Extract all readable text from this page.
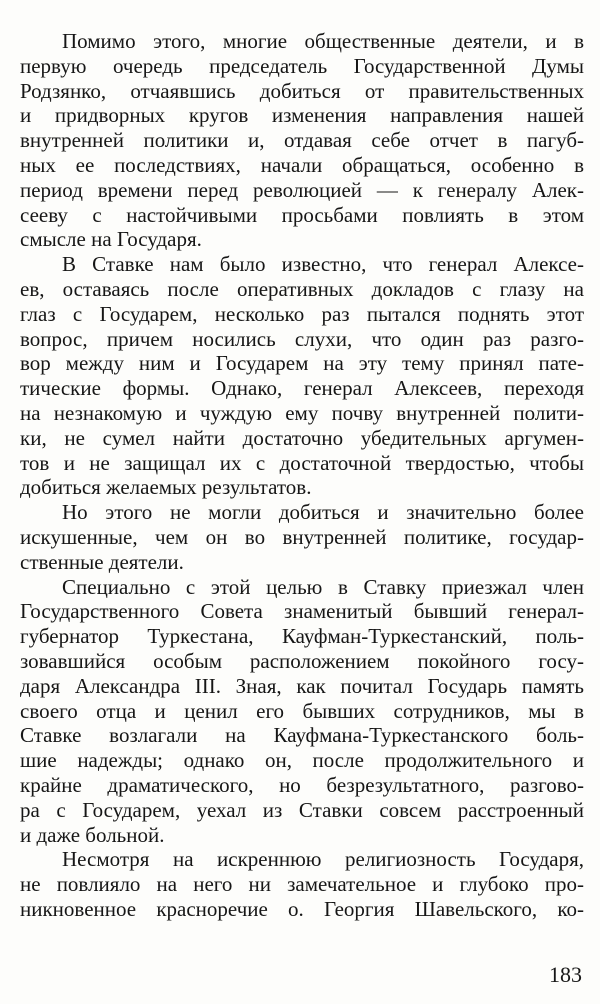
Помимо этого, многие общественные деятели, и в
первую очередь председатель Государственной Думы
Родзянко, отчаявшись добиться от правительственных
и придворных кругов изменения направления нашей
внутренней политики и, отдавая себе отчет в пагуб-
ных ее последствиях, начали обращаться, особенно в
период времени перед революцией — к генералу Алек-
сееву с настойчивыми просьбами повлиять в этом
смысле на Государя.
В Ставке нам было известно, что генерал Алексе-
ев, оставаясь после оперативных докладов с глазу на
глаз с Государем, несколько раз пытался поднять этот
вопрос, причем носились слухи, что один раз разго-
вор между ним и Государем на эту тему принял пате-
тические формы. Однако, генерал Алексеев, переходя
на незнакомую и чуждую ему почву внутренней полити-
ки, не сумел найти достаточно убедительных аргумен-
тов и не защищал их с достаточной твердостью, чтобы
добиться желаемых результатов.
Но этого не могли добиться и значительно более
искушенные, чем он во внутренней политике, государ-
ственные деятели.
Специально с этой целью в Ставку приезжал член
Государственного Совета знаменитый бывший генерал-
губернатор Туркестана, Кауфман-Туркестанский, поль-
зовавшийся особым расположением покойного госу-
даря Александра III. Зная, как почитал Государь память
своего отца и ценил его бывших сотрудников, мы в
Ставке возлагали на Кауфмана-Туркестанского боль-
шие надежды; однако он, после продолжительного и
крайне драматического, но безрезультатного, разгово-
ра с Государем, уехал из Ставки совсем расстроенный
и даже больной.
Несмотря на искреннюю религиозность Государя,
не повлияло на него ни замечательное и глубоко про-
никновенное красноречие о. Георгия Шавельского, ко-
183
